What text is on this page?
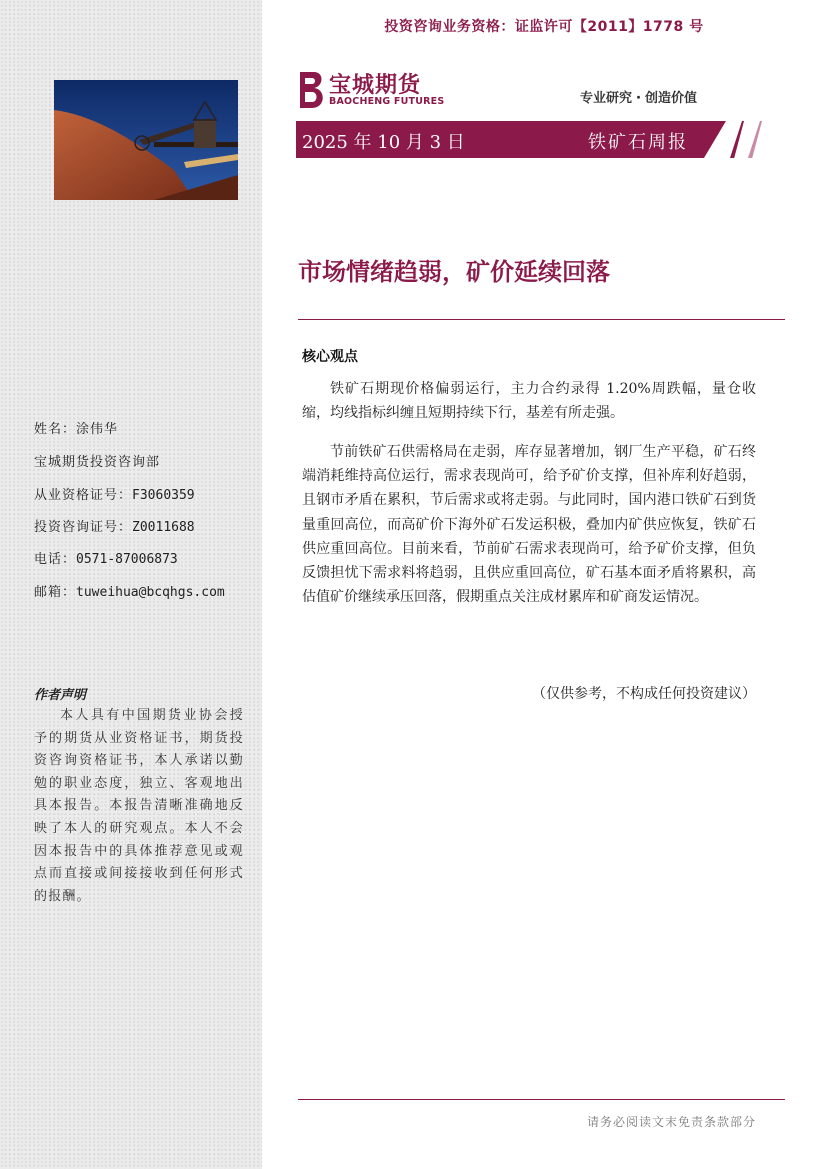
投资咨询业务资格：证监许可【2011】1778 号
宝城期货
BAOCHENG FUTURES	专业研究・创造价值
2025 年 10 月 3 日	铁矿石周报
市场情绪趋弱，矿价延续回落
核心观点

铁矿石期现价格偏弱运行，主力合约录得 1.20%周跌幅，量仓收缩，均线指标纠缠且短期持续下行，基差有所走强。

节前铁矿石供需格局在走弱，库存显著增加，钢厂生产平稳，矿石终端消耗维持高位运行，需求表现尚可，给予矿价支撑，但补库利好趋弱，且钢市矛盾在累积，节后需求或将走弱。与此同时，国内港口铁矿石到货量重回高位，而高矿价下海外矿石发运积极，叠加内矿供应恢复，铁矿石供应重回高位。目前来看，节前矿石需求表现尚可，给予矿价支撑，但负反馈担忧下需求料将趋弱，且供应重回高位，矿石基本面矛盾将累积，高估值矿价继续承压回落，假期重点关注成材累库和矿商发运情况。

（仅供参考，不构成任何投资建议）
姓名：涂伟华
宝城期货投资咨询部
从业资格证号：F3060359
投资咨询证号：Z0011688
电话：0571-87006873
邮箱：tuweihua@bcqhgs.com
作者声明

本人具有中国期货业协会授予的期货从业资格证书，期货投资咨询资格证书，本人承诺以勤勉的职业态度，独立、客观地出具本报告。本报告清晰准确地反映了本人的研究观点。本人不会因本报告中的具体推荐意见或观点而直接或间接接收到任何形式的报酬。

请务必阅读文末免责条款部分
